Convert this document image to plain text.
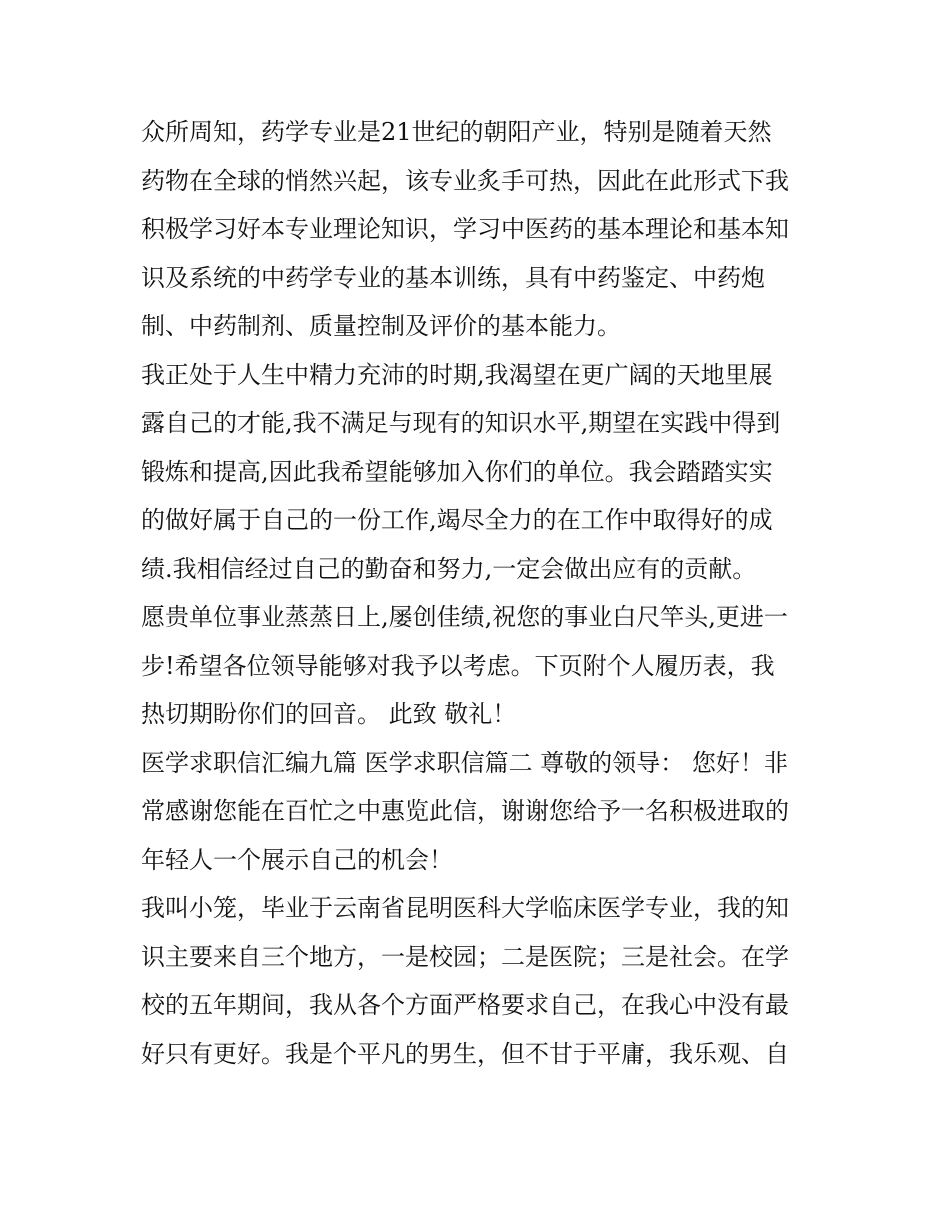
众所周知，药学专业是21世纪的朝阳产业，特别是随着天然
药物在全球的悄然兴起，该专业炙手可热，因此在此形式下我
积极学习好本专业理论知识，学习中医药的基本理论和基本知
识及系统的中药学专业的基本训练，具有中药鉴定、中药炮
制、中药制剂、质量控制及评价的基本能力。
我正处于人生中精力充沛的时期,我渴望在更广阔的天地里展
露自己的才能,我不满足与现有的知识水平,期望在实践中得到
锻炼和提高,因此我希望能够加入你们的单位。我会踏踏实实
的做好属于自己的一份工作,竭尽全力的在工作中取得好的成
绩.我相信经过自己的勤奋和努力,一定会做出应有的贡献。
愿贵单位事业蒸蒸日上,屡创佳绩,祝您的事业白尺竿头,更进一
步!希望各位领导能够对我予以考虑。下页附个人履历表，我
热切期盼你们的回音。 此致 敬礼！
医学求职信汇编九篇 医学求职信篇二 尊敬的领导： 您好！非
常感谢您能在百忙之中惠览此信，谢谢您给予一名积极进取的
年轻人一个展示自己的机会！
我叫小笼，毕业于云南省昆明医科大学临床医学专业，我的知
识主要来自三个地方，一是校园；二是医院；三是社会。在学
校的五年期间，我从各个方面严格要求自己，在我心中没有最
好只有更好。我是个平凡的男生，但不甘于平庸，我乐观、自
